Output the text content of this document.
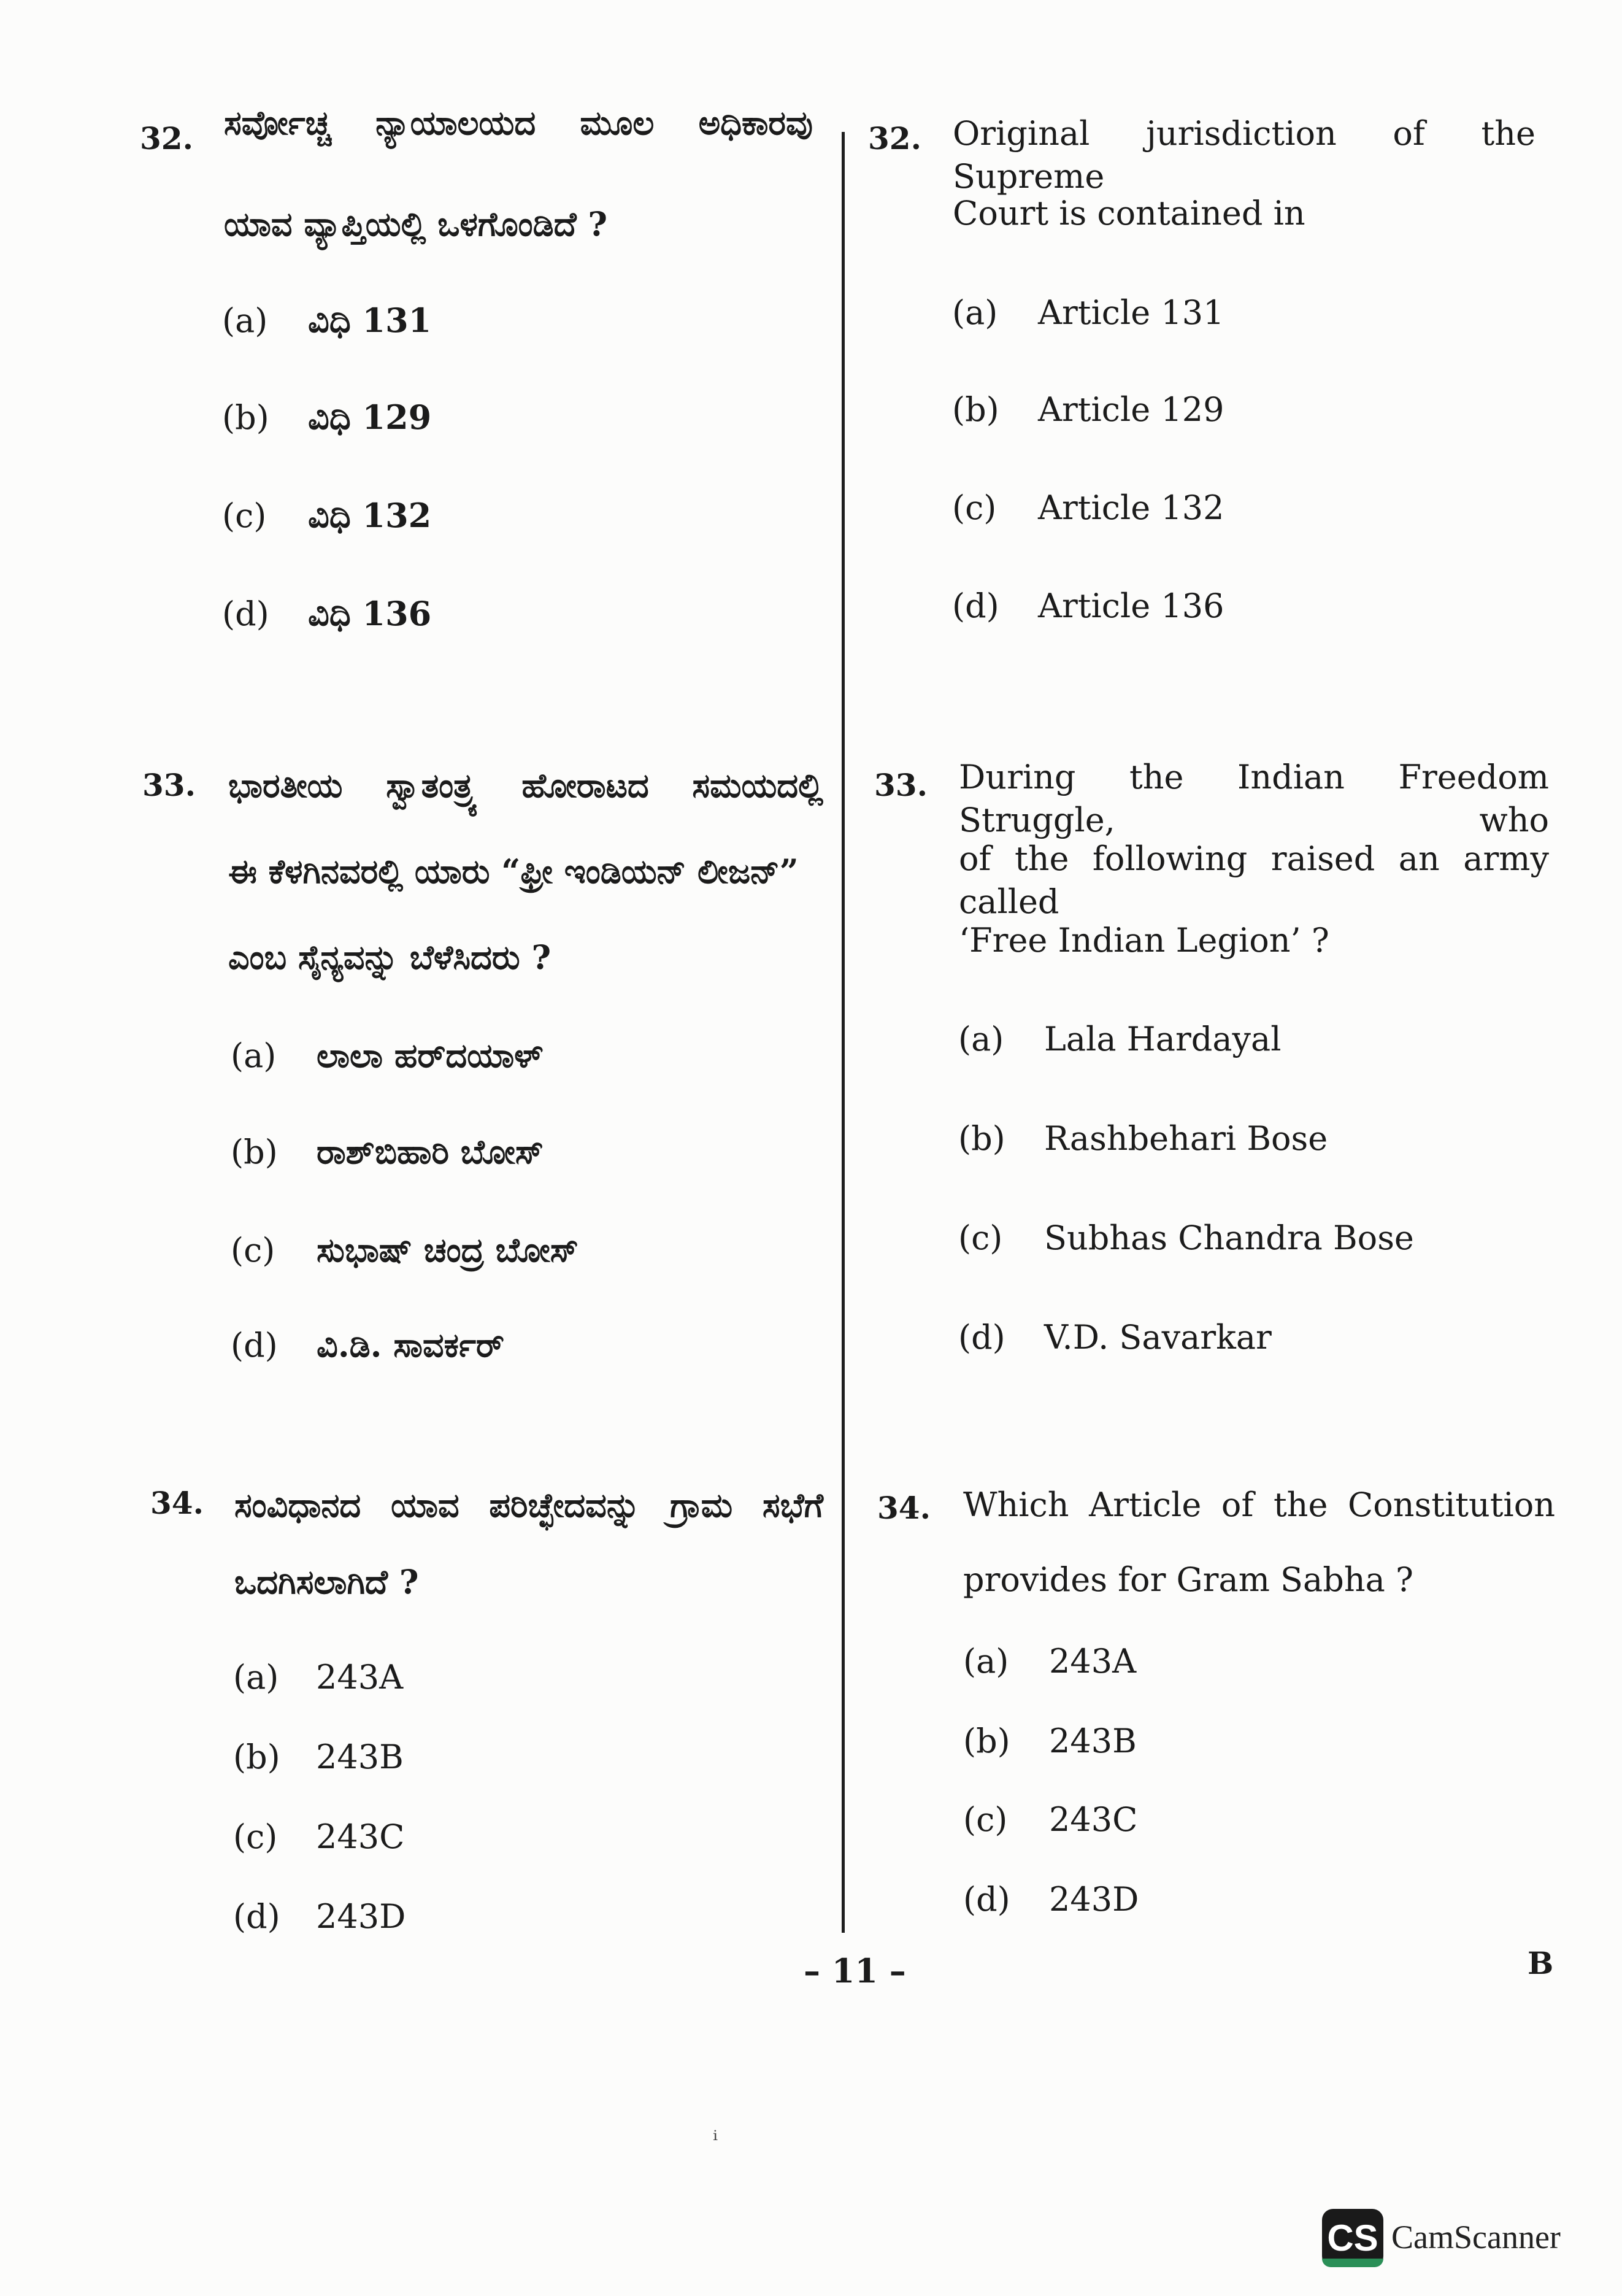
32. ಸರ್ವೋಚ್ಚ ನ್ಯಾಯಾಲಯದ ಮೂಲ ಅಧಿಕಾರವು
ಯಾವ ವ್ಯಾಪ್ತಿಯಲ್ಲಿ ಒಳಗೊಂಡಿದೆ ?
(a) ವಿಧಿ 131
(b) ವಿಧಿ 129
(c) ವಿಧಿ 132
(d) ವಿಧಿ 136
33. ಭಾರತೀಯ ಸ್ವಾತಂತ್ರ್ಯ ಹೋರಾಟದ ಸಮಯದಲ್ಲಿ
ಈ ಕೆಳಗಿನವರಲ್ಲಿ ಯಾರು “ಫ್ರೀ ಇಂಡಿಯನ್ ಲೀಜನ್”
ಎಂಬ ಸೈನ್ಯವನ್ನು ಬೆಳೆಸಿದರು ?
(a) ಲಾಲಾ ಹರ್‌ದಯಾಳ್
(b) ರಾಶ್‌ಬಿಹಾರಿ ಬೋಸ್
(c) ಸುಭಾಷ್ ಚಂದ್ರ ಬೋಸ್
(d) ವಿ.ಡಿ. ಸಾವರ್ಕರ್
34. ಸಂವಿಧಾನದ ಯಾವ ಪರಿಚ್ಛೇದವನ್ನು ಗ್ರಾಮ ಸಭೆಗೆ
ಒದಗಿಸಲಾಗಿದೆ ?
(a) 243A
(b) 243B
(c) 243C
(d) 243D
32. Original jurisdiction of the Supreme
Court is contained in
(a) Article 131
(b) Article 129
(c) Article 132
(d) Article 136
33. During the Indian Freedom Struggle, who
of the following raised an army called
‘Free Indian Legion’ ?
(a) Lala Hardayal
(b) Rashbehari Bose
(c) Subhas Chandra Bose
(d) V.D. Savarkar
34. Which Article of the Constitution
provides for Gram Sabha ?
(a) 243A
(b) 243B
(c) 243C
(d) 243D
– 11 –	B
ⁱ
CS CamScanner
